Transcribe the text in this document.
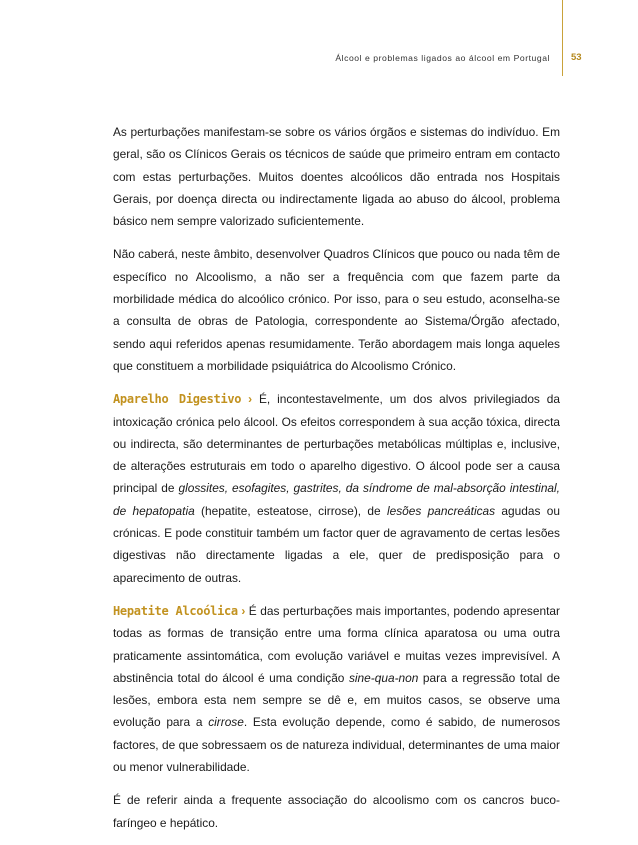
Álcool e problemas ligados ao álcool em Portugal 53

As perturbações manifestam-se sobre os vários órgãos e sistemas do indivíduo. Em geral, são os Clínicos Gerais os técnicos de saúde que primeiro entram em contacto com estas perturbações. Muitos doentes alcoólicos dão entrada nos Hospitais Gerais, por doença directa ou indirectamente ligada ao abuso do álcool, problema básico nem sempre valorizado suficientemente.

Não caberá, neste âmbito, desenvolver Quadros Clínicos que pouco ou nada têm de específico no Alcoolismo, a não ser a frequência com que fazem parte da morbilidade médica do alcoólico crónico. Por isso, para o seu estudo, aconselha-se a consulta de obras de Patologia, correspondente ao Sistema/Órgão afectado, sendo aqui referidos apenas resumidamente. Terão abordagem mais longa aqueles que constituem a morbilidade psiquiátrica do Alcoolismo Crónico.

Aparelho Digestivo › É, incontestavelmente, um dos alvos privilegiados da intoxicação crónica pelo álcool. Os efeitos correspondem à sua acção tóxica, directa ou indirecta, são determinantes de perturbações metabólicas múltiplas e, inclusive, de alterações estruturais em todo o aparelho digestivo. O álcool pode ser a causa principal de glossites, esofagites, gastrites, da síndrome de mal-absorção intestinal, de hepatopatia (hepatite, esteatose, cirrose), de lesões pancreáticas agudas ou crónicas. E pode constituir também um factor quer de agravamento de certas lesões digestivas não directamente ligadas a ele, quer de predisposição para o aparecimento de outras.

Hepatite Alcoólica › É das perturbações mais importantes, podendo apresentar todas as formas de transição entre uma forma clínica aparatosa ou uma outra praticamente assintomática, com evolução variável e muitas vezes imprevisível. A abstinência total do álcool é uma condição sine-qua-non para a regressão total de lesões, embora esta nem sempre se dê e, em muitos casos, se observe uma evolução para a cirrose. Esta evolução depende, como é sabido, de numerosos factores, de que sobressaem os de natureza individual, determinantes de uma maior ou menor vulnerabilidade.

É de referir ainda a frequente associação do alcoolismo com os cancros buco-faríngeo e hepático.
